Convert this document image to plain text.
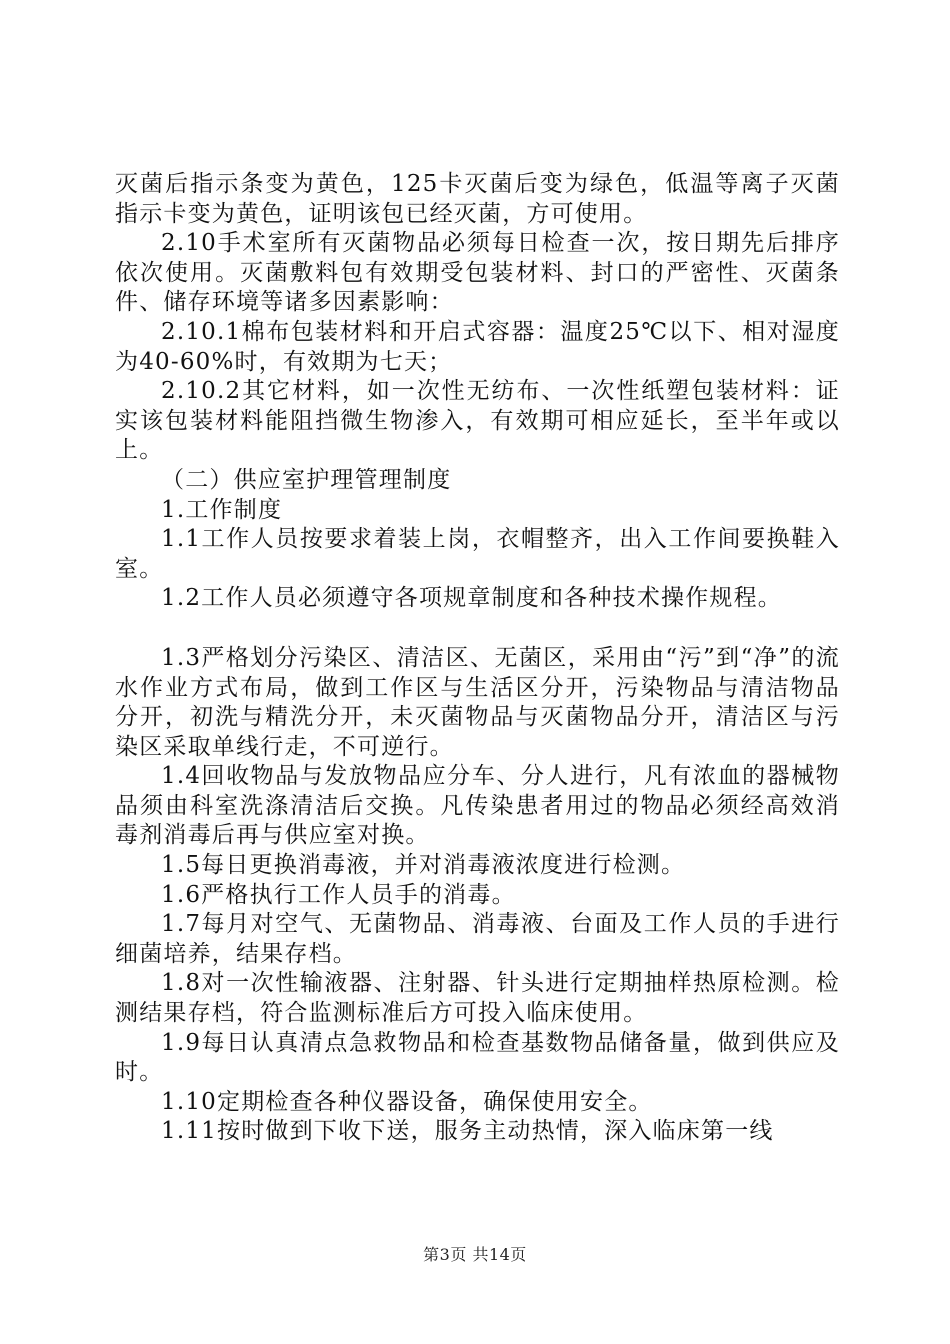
灭菌后指示条变为黄色，125卡灭菌后变为绿色，低温等离子灭菌指示卡变为黄色，证明该包已经灭菌，方可使用。

2.10手术室所有灭菌物品必须每日检查一次，按日期先后排序依次使用。灭菌敷料包有效期受包装材料、封口的严密性、灭菌条件、储存环境等诸多因素影响：

2.10.1棉布包装材料和开启式容器：温度25℃以下、相对湿度为40-60%时，有效期为七天；

2.10.2其它材料，如一次性无纺布、一次性纸塑包装材料：证实该包装材料能阻挡微生物渗入，有效期可相应延长，至半年或以上。

（二）供应室护理管理制度

1.工作制度

1.1工作人员按要求着装上岗，衣帽整齐，出入工作间要换鞋入室。

1.2工作人员必须遵守各项规章制度和各种技术操作规程。

1.3严格划分污染区、清洁区、无菌区，采用由“污”到“净”的流水作业方式布局，做到工作区与生活区分开，污染物品与清洁物品分开，初洗与精洗分开，未灭菌物品与灭菌物品分开，清洁区与污染区采取单线行走，不可逆行。

1.4回收物品与发放物品应分车、分人进行，凡有浓血的器械物品须由科室洗涤清洁后交换。凡传染患者用过的物品必须经高效消毒剂消毒后再与供应室对换。

1.5每日更换消毒液，并对消毒液浓度进行检测。

1.6严格执行工作人员手的消毒。

1.7每月对空气、无菌物品、消毒液、台面及工作人员的手进行细菌培养，结果存档。

1.8对一次性输液器、注射器、针头进行定期抽样热原检测。检测结果存档，符合监测标准后方可投入临床使用。

1.9每日认真清点急救物品和检查基数物品储备量，做到供应及时。

1.10定期检查各种仪器设备，确保使用安全。

1.11按时做到下收下送，服务主动热情，深入临床第一线

第3页 共14页
